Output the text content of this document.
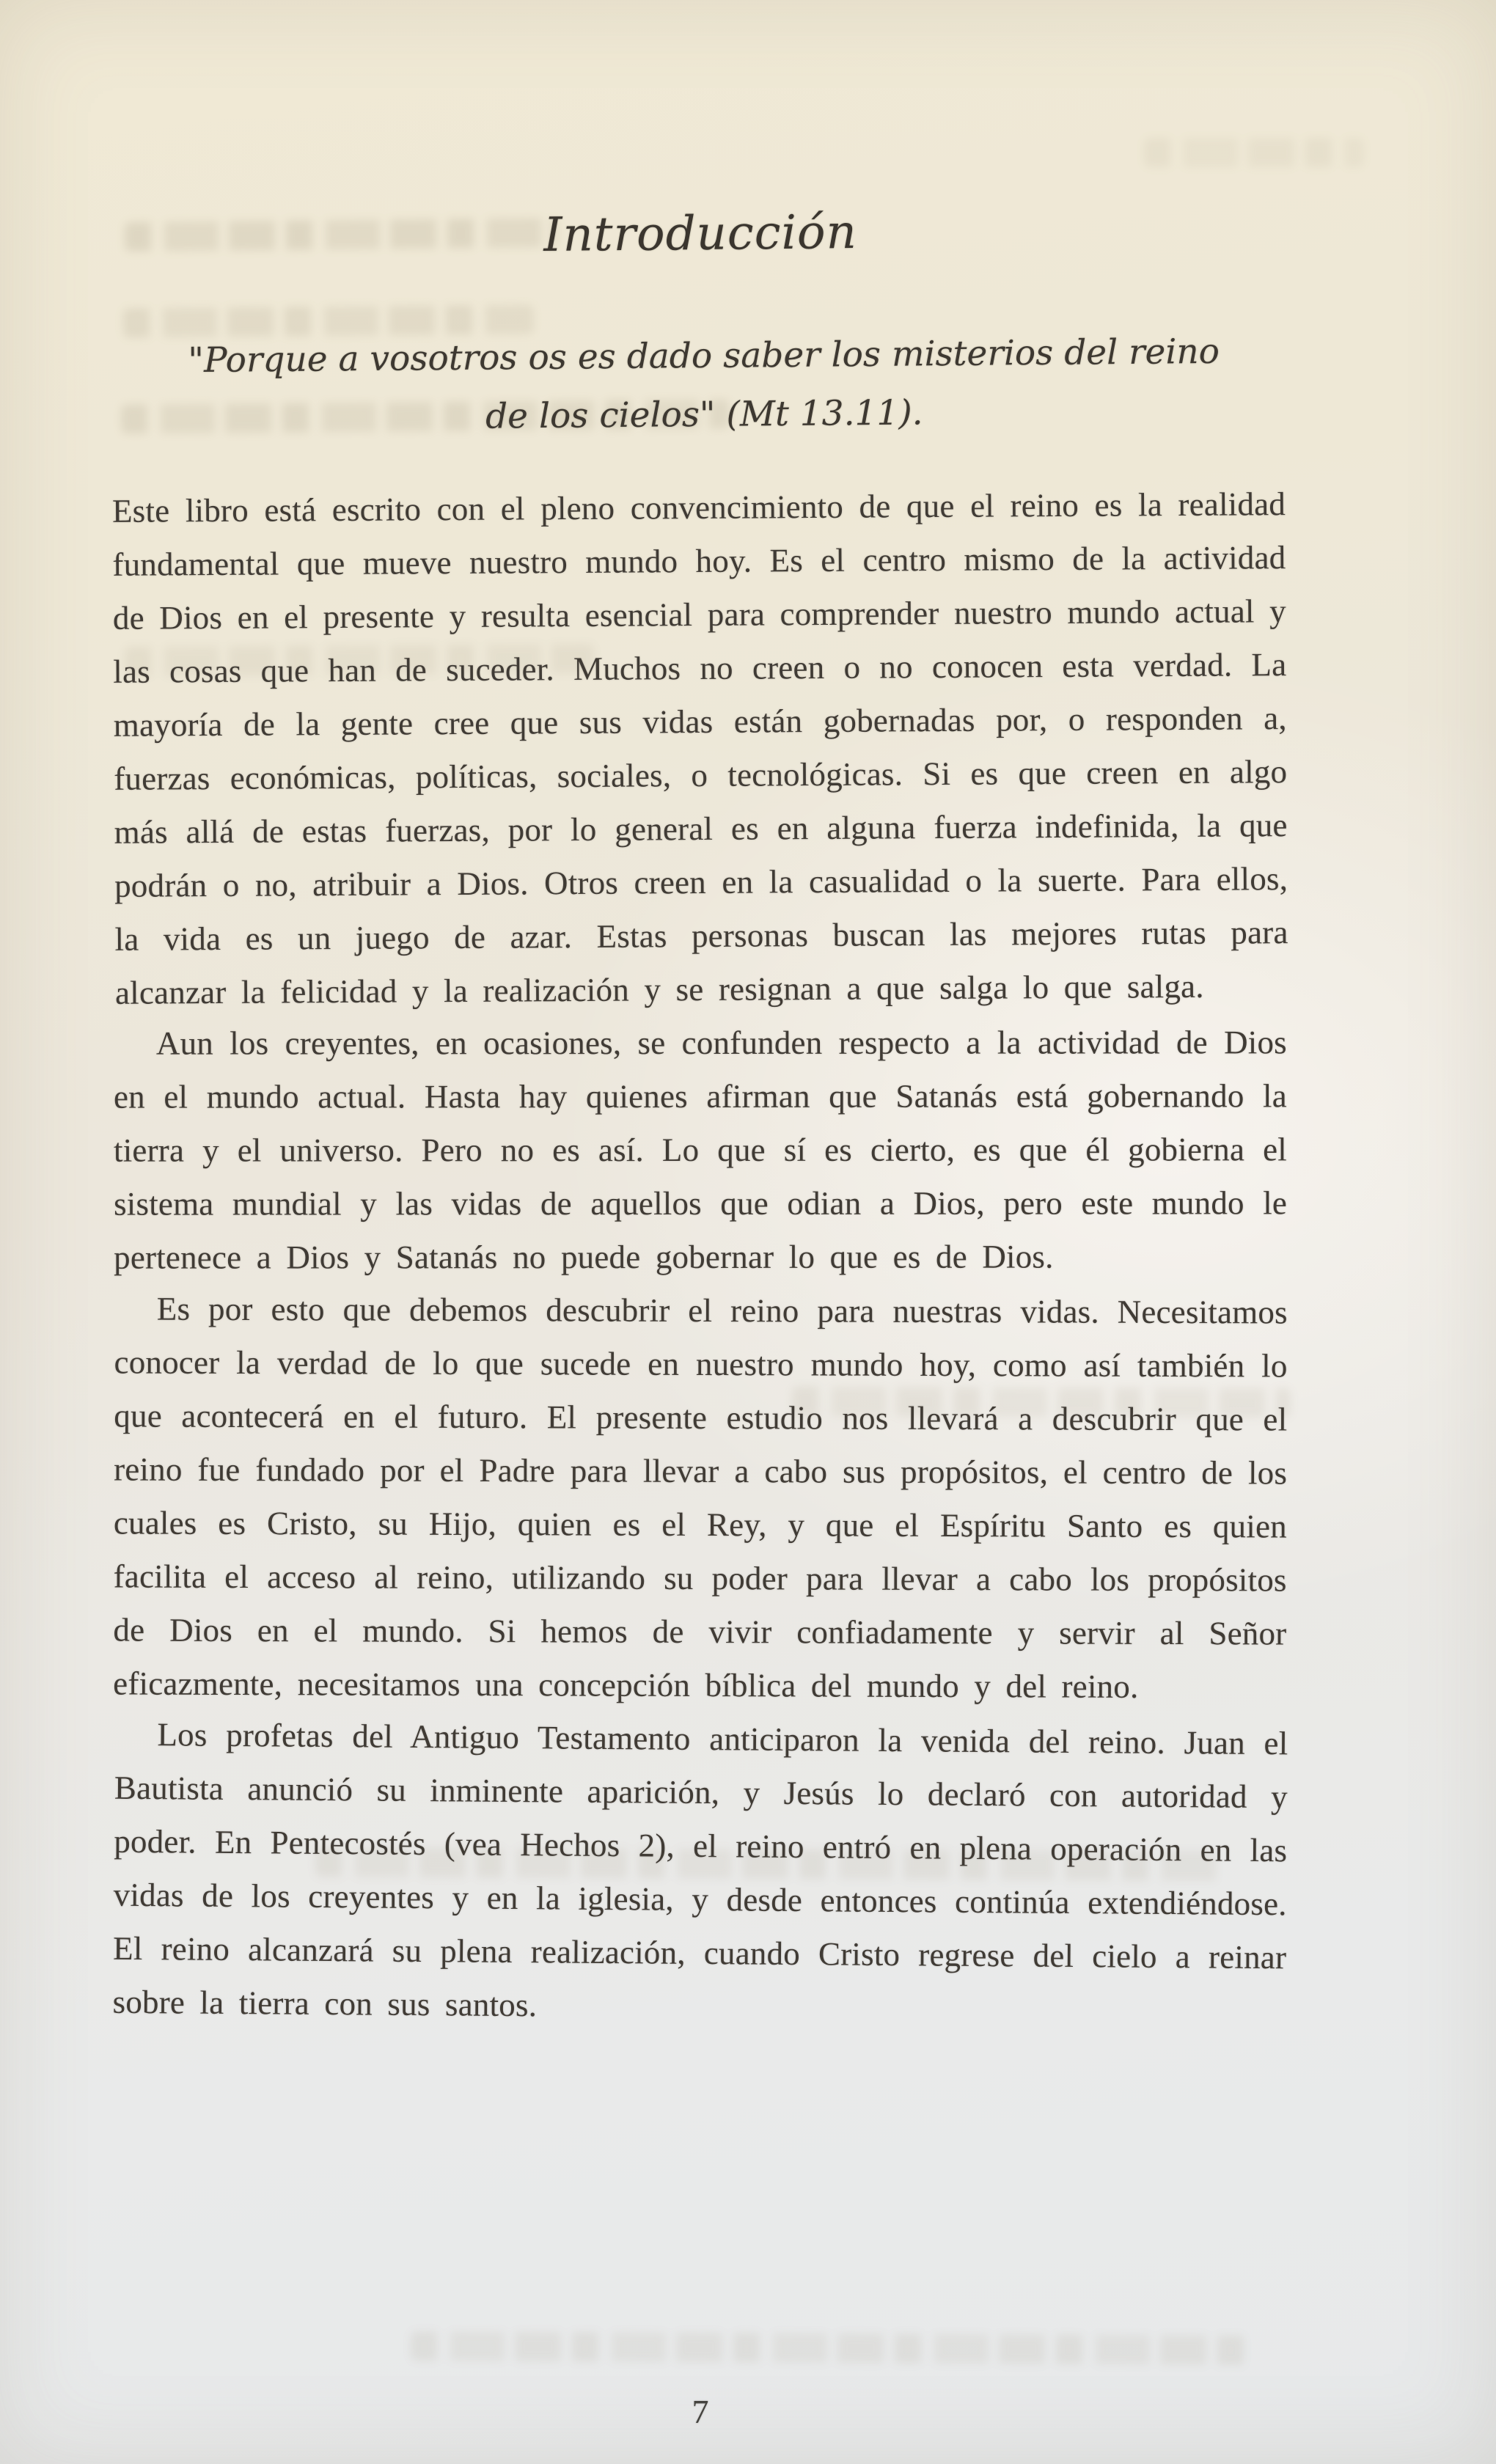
Introducción
"Porque a vosotros os es dado saber los misterios del reino de los cielos" (Mt 13.11).

Este libro está escrito con el pleno convencimiento de que el reino es la realidad fundamental que mueve nuestro mundo hoy. Es el centro mismo de la actividad de Dios en el presente y resulta esencial para comprender nuestro mundo actual y las cosas que han de suceder. Muchos no creen o no conocen esta verdad. La mayoría de la gente cree que sus vidas están gobernadas por, o responden a, fuerzas económicas, políticas, sociales, o tecnológicas. Si es que creen en algo más allá de estas fuerzas, por lo general es en alguna fuerza indefinida, la que podrán o no, atribuir a Dios. Otros creen en la casualidad o la suerte. Para ellos, la vida es un juego de azar. Estas personas buscan las mejores rutas para alcanzar la felicidad y la realización y se resignan a que salga lo que salga.

Aun los creyentes, en ocasiones, se confunden respecto a la actividad de Dios en el mundo actual. Hasta hay quienes afirman que Satanás está gobernando la tierra y el universo. Pero no es así. Lo que sí es cierto, es que él gobierna el sistema mundial y las vidas de aquellos que odian a Dios, pero este mundo le pertenece a Dios y Satanás no puede gobernar lo que es de Dios.

Es por esto que debemos descubrir el reino para nuestras vidas. Necesitamos conocer la verdad de lo que sucede en nuestro mundo hoy, como así también lo que acontecerá en el futuro. El presente estudio nos llevará a descubrir que el reino fue fundado por el Padre para llevar a cabo sus propósitos, el centro de los cuales es Cristo, su Hijo, quien es el Rey, y que el Espíritu Santo es quien facilita el acceso al reino, utilizando su poder para llevar a cabo los propósitos de Dios en el mundo. Si hemos de vivir confiadamente y servir al Señor eficazmente, necesitamos una concepción bíblica del mundo y del reino.

Los profetas del Antiguo Testamento anticiparon la venida del reino. Juan el Bautista anunció su inminente aparición, y Jesús lo declaró con autoridad y poder. En Pentecostés (vea Hechos 2), el reino entró en plena operación en las vidas de los creyentes y en la iglesia, y desde entonces continúa extendiéndose. El reino alcanzará su plena realización, cuando Cristo regrese del cielo a reinar sobre la tierra con sus santos.

7
